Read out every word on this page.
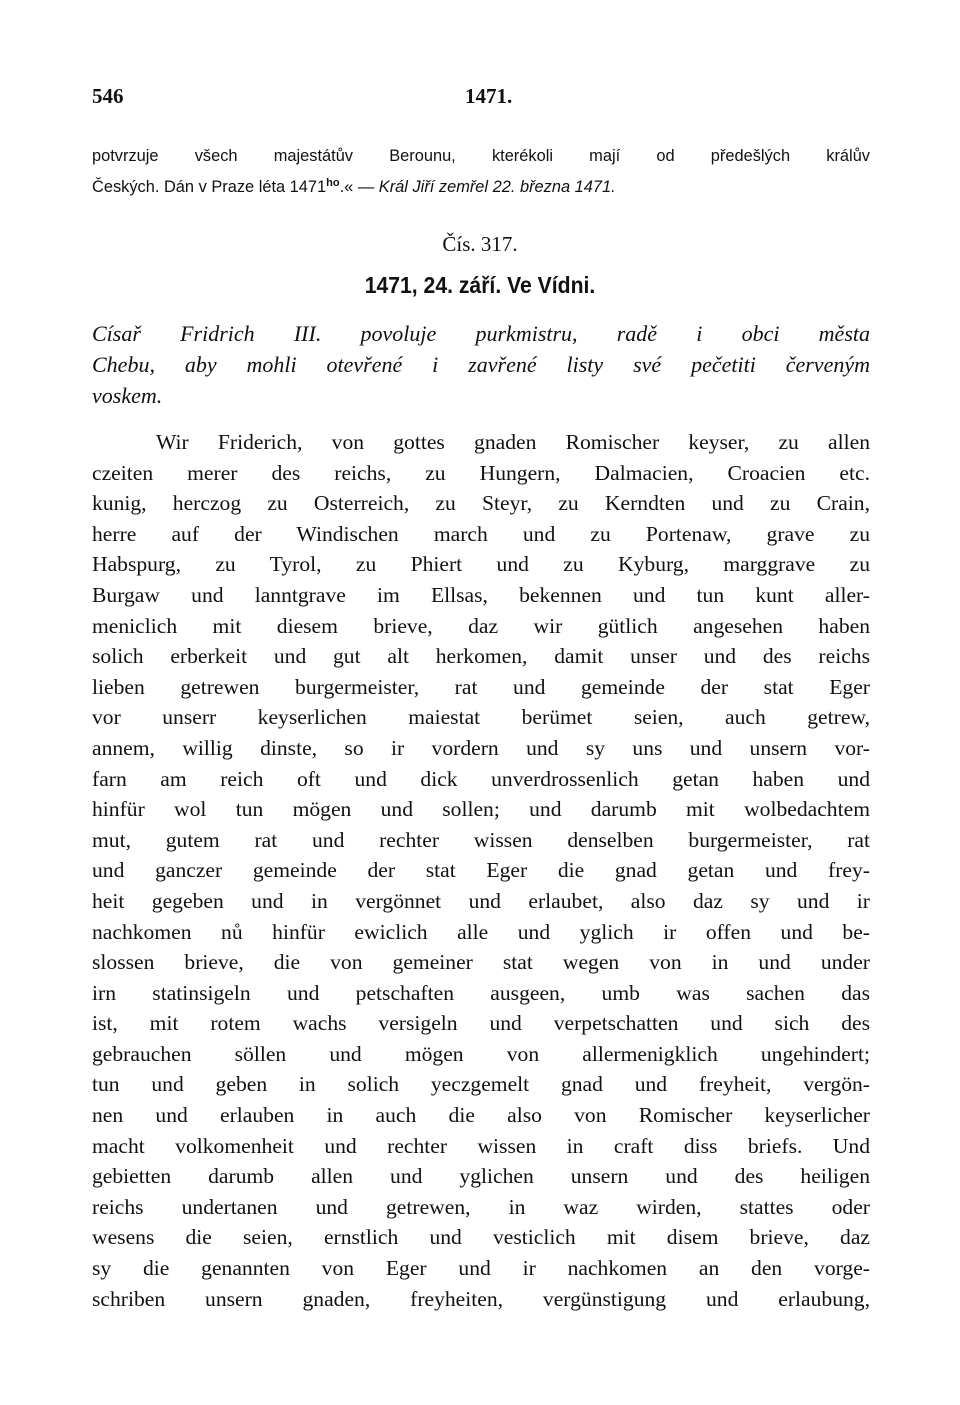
546	1471.
potvrzuje všech majestátův Berounu, kterékoli mají od předešlých králův
Českých. Dán v Praze léta $1471^{ho}.«$ — Král Jiří zemřel 22. března 1471.
Čís. 317.
1471, 24. září. Ve Vídni.
Císař Fridrich III. povoluje purkmistru, radě i obci města
Chebu, aby mohli otevřené i zavřené listy své pečetiti červeným
voskem.
Wir Friderich, von gottes gnaden Romischer keyser, zu allen
czeiten merer des reichs, zu Hungern, Dalmacien, Croacien etc.
kunig, herczog zu Osterreich, zu Steyr, zu Kerndten und zu Crain,
herre auf der Windischen march und zu Portenaw, grave zu
Habspurg, zu Tyrol, zu Phiert und zu Kyburg, marggrave zu
Burgaw und lanntgrave im Ellsas, bekennen und tun kunt aller-
meniclich mit diesem brieve, daz wir gütlich angesehen haben
solich erberkeit und gut alt herkomen, damit unser und des reichs
lieben getrewen burgermeister, rat und gemeinde der stat Eger
vor unserr keyserlichen maiestat berümet seien, auch getrew,
annem, willig dinste, so ir vordern und sy uns und unsern vor-
farn am reich oft und dick unverdrossenlich getan haben und
hinfür wol tun mögen und sollen; und darumb mit wolbedachtem
mut, gutem rat und rechter wissen denselben burgermeister, rat
und ganczer gemeinde der stat Eger die gnad getan und frey-
heit gegeben und in vergönnet und erlaubet, also daz sy und ir
nachkomen nů hinfür ewiclich alle und yglich ir offen und be-
slossen brieve, die von gemeiner stat wegen von in und under
irn statinsigeln und petschaften ausgeen, umb was sachen das
ist, mit rotem wachs versigeln und verpetschatten und sich des
gebrauchen söllen und mögen von allermenigklich ungehindert;
tun und geben in solich yeczgemelt gnad und freyheit, vergön-
nen und erlauben in auch die also von Romischer keyserlicher
macht volkomenheit und rechter wissen in craft diss briefs. Und
gebietten darumb allen und yglichen unsern und des heiligen
reichs undertanen und getrewen, in waz wirden, stattes oder
wesens die seien, ernstlich und vesticlich mit disem brieve, daz
sy die genannten von Eger und ir nachkomen an den vorge-
schriben unsern gnaden, freyheiten, vergünstigung und erlaubung,
